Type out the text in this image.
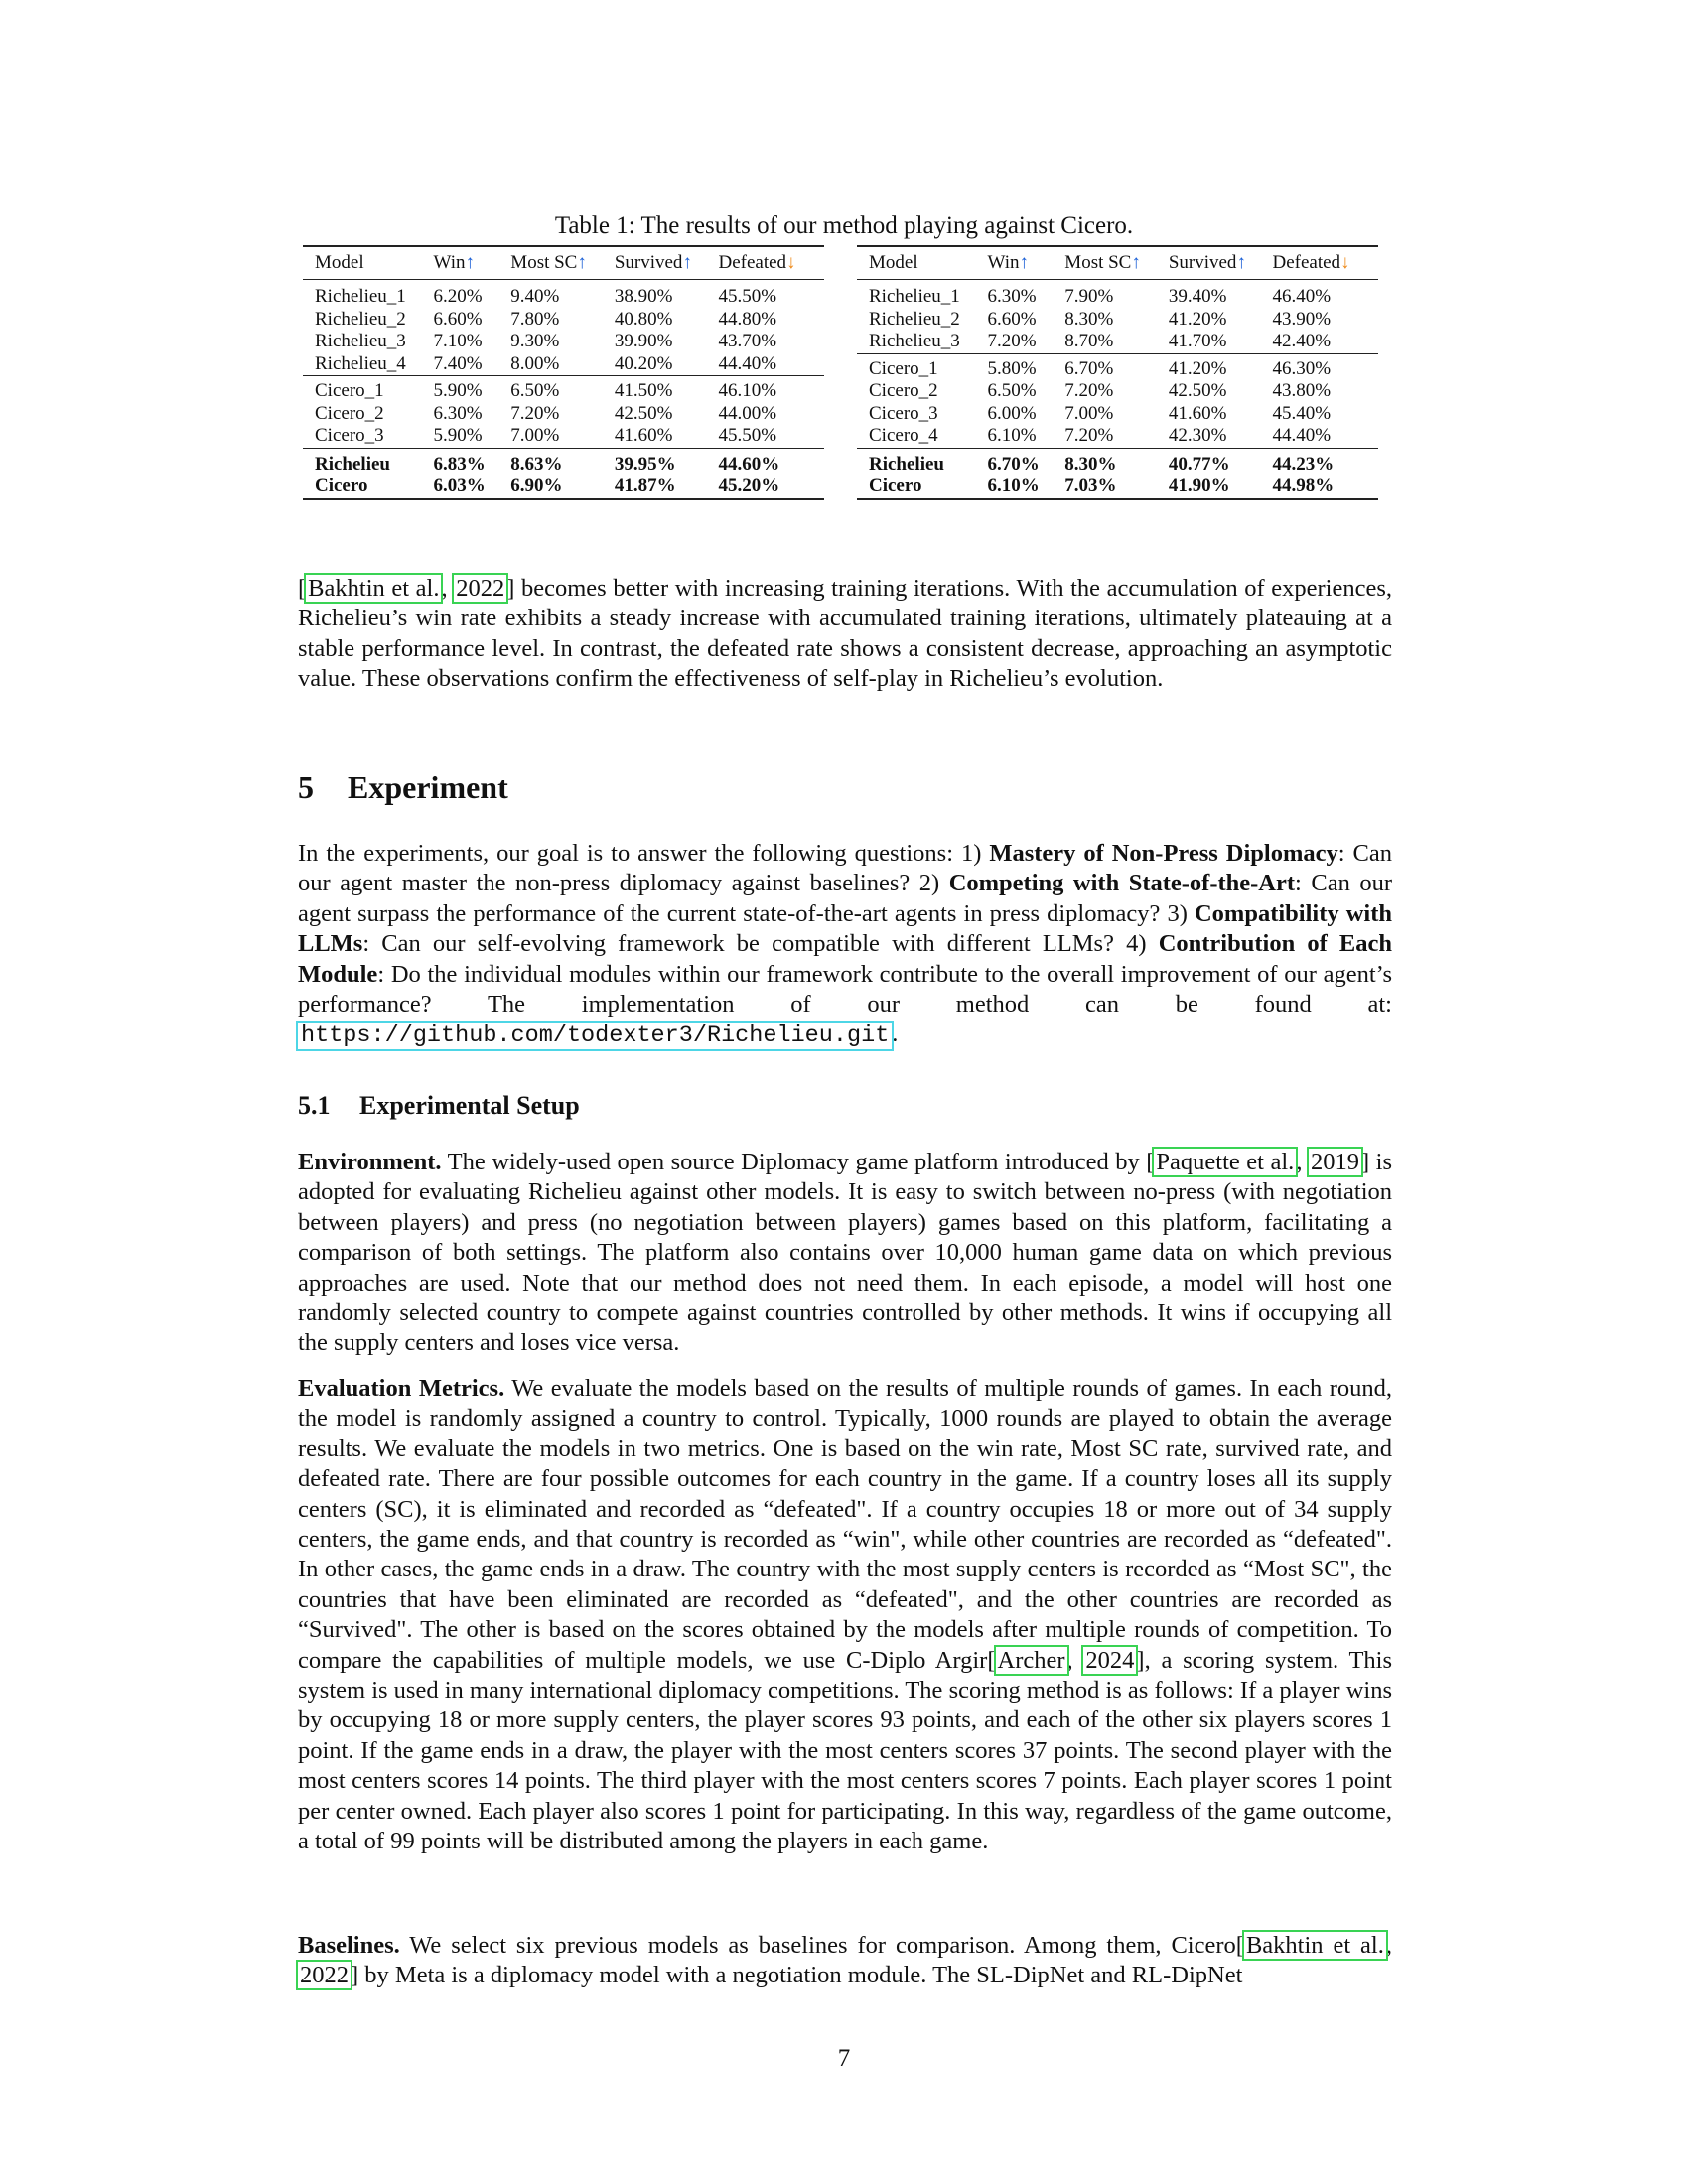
Table 1: The results of our method playing against Cicero.
Model	Win↑	Most SC↑	Survived↑	Defeated↓
Richelieu_1	6.20%	9.40%	38.90%	45.50%
Richelieu_2	6.60%	7.80%	40.80%	44.80%
Richelieu_3	7.10%	9.30%	39.90%	43.70%
Richelieu_4	7.40%	8.00%	40.20%	44.40%
Cicero_1	5.90%	6.50%	41.50%	46.10%
Cicero_2	6.30%	7.20%	42.50%	44.00%
Cicero_3	5.90%	7.00%	41.60%	45.50%
Richelieu	6.83%	8.63%	39.95%	44.60%
Cicero	6.03%	6.90%	41.87%	45.20%
Model	Win↑	Most SC↑	Survived↑	Defeated↓
Richelieu_1	6.30%	7.90%	39.40%	46.40%
Richelieu_2	6.60%	8.30%	41.20%	43.90%
Richelieu_3	7.20%	8.70%	41.70%	42.40%
Cicero_1	5.80%	6.70%	41.20%	46.30%
Cicero_2	6.50%	7.20%	42.50%	43.80%
Cicero_3	6.00%	7.00%	41.60%	45.40%
Cicero_4	6.10%	7.20%	42.30%	44.40%
Richelieu	6.70%	8.30%	40.77%	44.23%
Cicero	6.10%	7.03%	41.90%	44.98%

[Bakhtin et al., 2022] becomes better with increasing training iterations. With the accumulation of experiences, Richelieu’s win rate exhibits a steady increase with accumulated training iterations, ultimately plateauing at a stable performance level. In contrast, the defeated rate shows a consistent decrease, approaching an asymptotic value. These observations confirm the effectiveness of self-play in Richelieu’s evolution.

5 Experiment

In the experiments, our goal is to answer the following questions: 1) Mastery of Non-Press Diplomacy: Can our agent master the non-press diplomacy against baselines? 2) Competing with State-of-the-Art: Can our agent surpass the performance of the current state-of-the-art agents in press diplomacy? 3) Compatibility with LLMs: Can our self-evolving framework be compatible with different LLMs? 4) Contribution of Each Module: Do the individual modules within our framework contribute to the overall improvement of our agent’s performance? The implementation of our method can be found at: https://github.com/todexter3/Richelieu.git .

5.1 Experimental Setup

Environment. The widely-used open source Diplomacy game platform introduced by [Paquette et al., 2019] is adopted for evaluating Richelieu against other models. It is easy to switch between no-press (with negotiation between players) and press (no negotiation between players) games based on this platform, facilitating a comparison of both settings. The platform also contains over 10,000 human game data on which previous approaches are used. Note that our method does not need them. In each episode, a model will host one randomly selected country to compete against countries controlled by other methods. It wins if occupying all the supply centers and loses vice versa.

Evaluation Metrics. We evaluate the models based on the results of multiple rounds of games. In each round, the model is randomly assigned a country to control. Typically, 1000 rounds are played to obtain the average results. We evaluate the models in two metrics. One is based on the win rate, Most SC rate, survived rate, and defeated rate. There are four possible outcomes for each country in the game. If a country loses all its supply centers (SC), it is eliminated and recorded as “defeated". If a country occupies 18 or more out of 34 supply centers, the game ends, and that country is recorded as “win", while other countries are recorded as “defeated". In other cases, the game ends in a draw. The country with the most supply centers is recorded as “Most SC", the countries that have been eliminated are recorded as “defeated", and the other countries are recorded as “Survived". The other is based on the scores obtained by the models after multiple rounds of competition. To compare the capabilities of multiple models, we use C-Diplo Argir[Archer, 2024], a scoring system. This system is used in many international diplomacy competitions. The scoring method is as follows: If a player wins by occupying 18 or more supply centers, the player scores 93 points, and each of the other six players scores 1 point. If the game ends in a draw, the player with the most centers scores 37 points. The second player with the most centers scores 14 points. The third player with the most centers scores 7 points. Each player scores 1 point per center owned. Each player also scores 1 point for participating. In this way, regardless of the game outcome, a total of 99 points will be distributed among the players in each game.

Baselines. We select six previous models as baselines for comparison. Among them, Cicero[Bakhtin et al., 2022] by Meta is a diplomacy model with a negotiation module. The SL-DipNet and RL-DipNet

7
